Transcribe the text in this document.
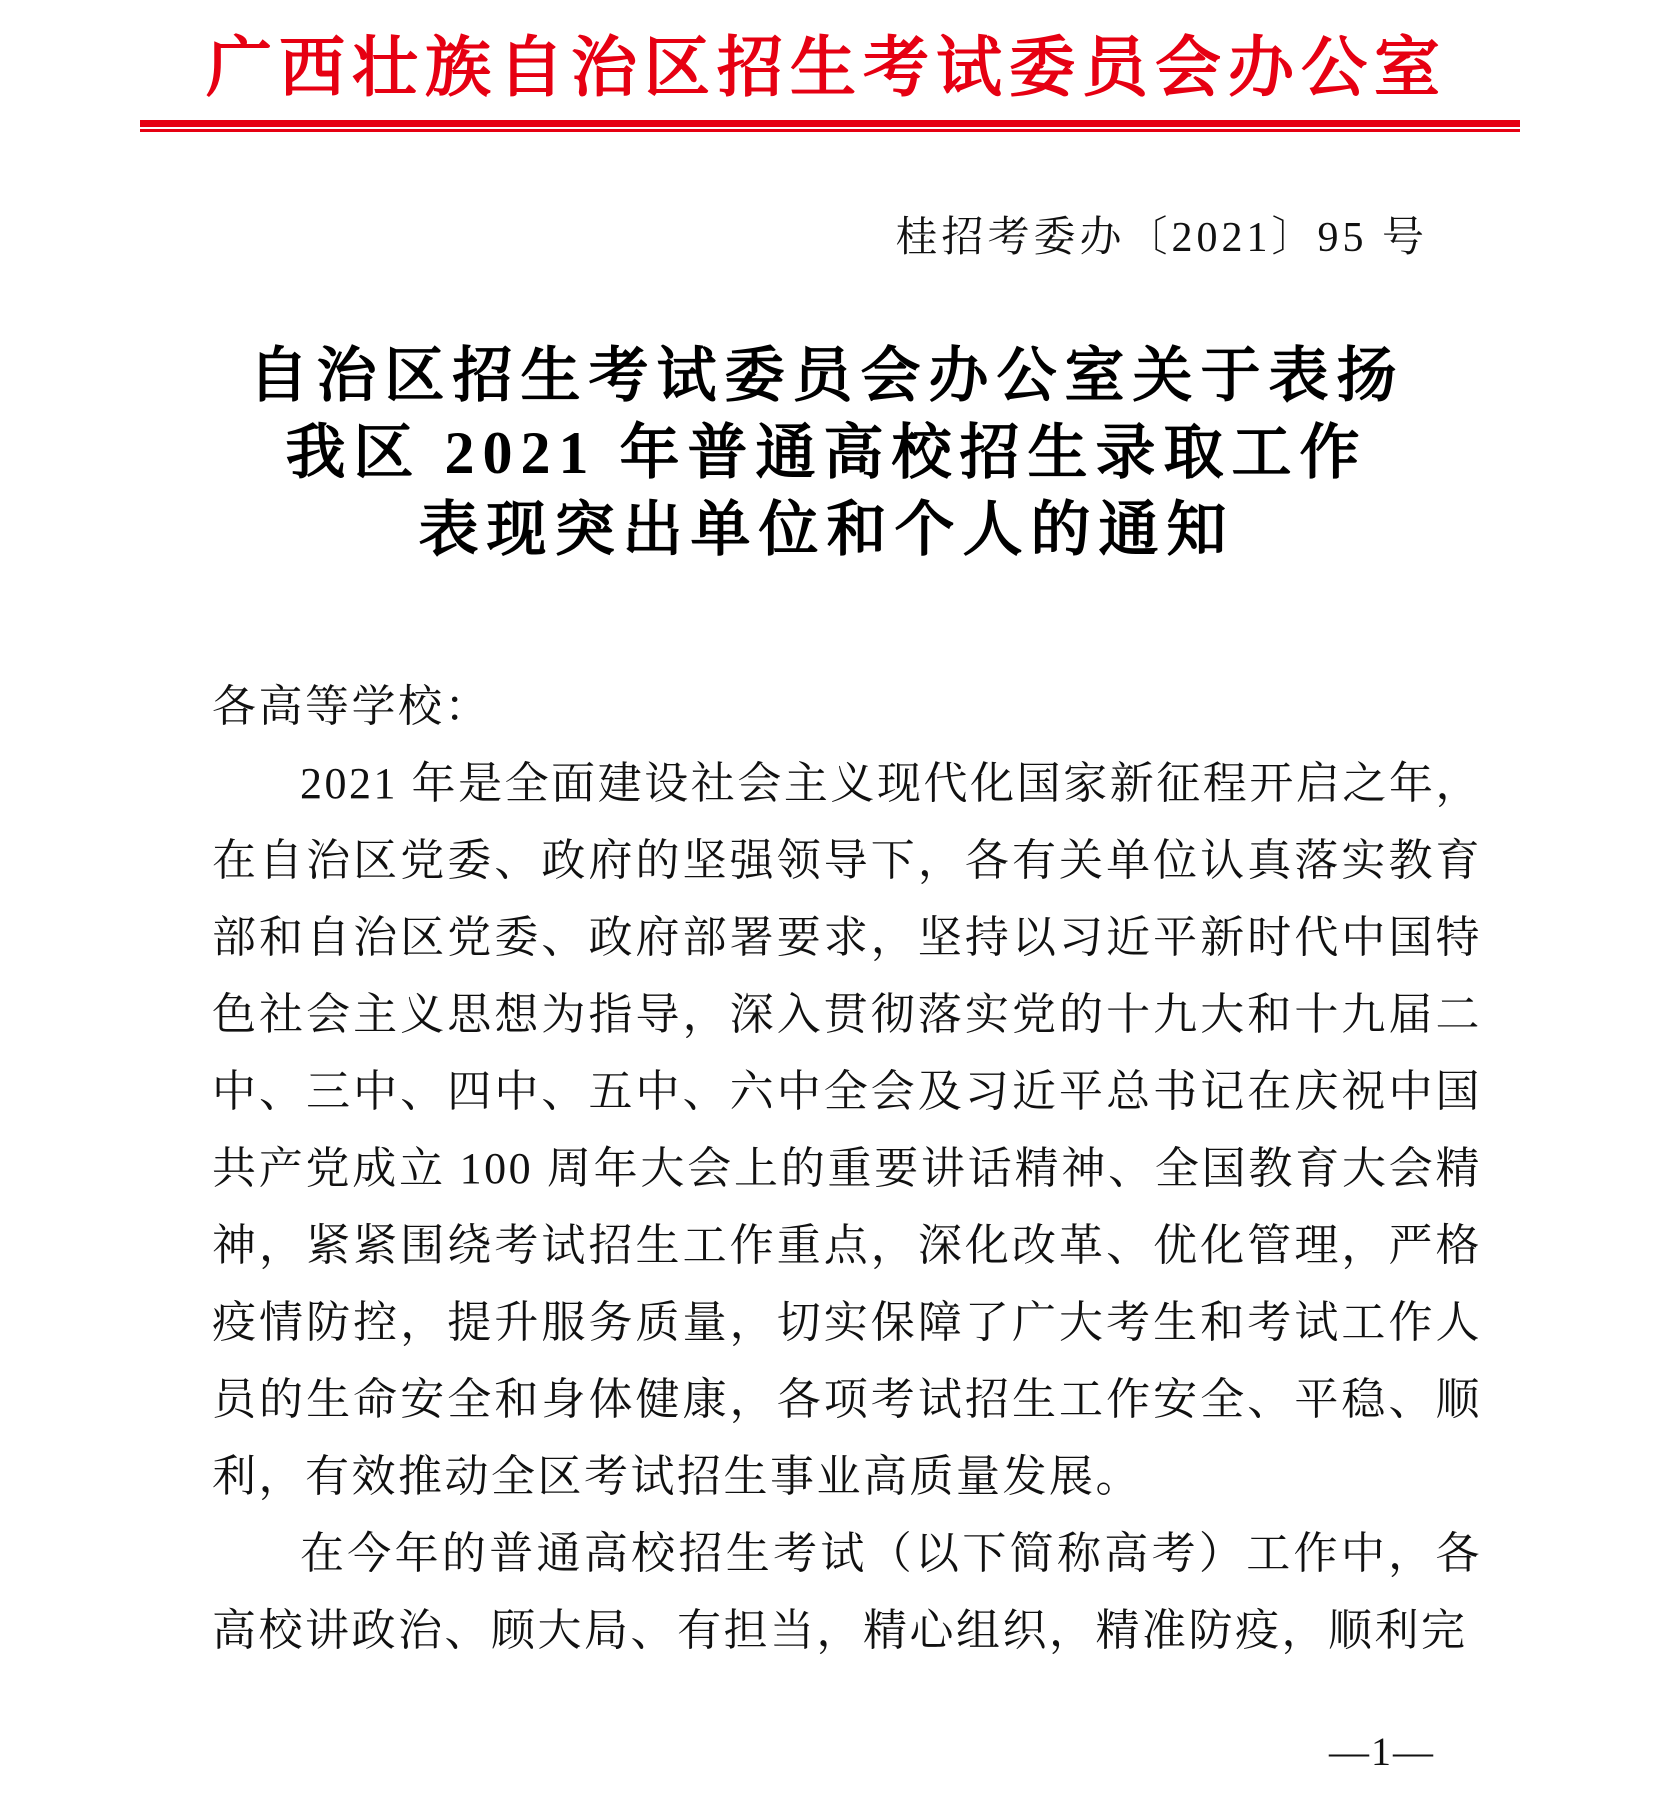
广西壮族自治区招生考试委员会办公室
桂招考委办〔2021〕95 号
自治区招生考试委员会办公室关于表扬
我区 2021 年普通高校招生录取工作
表现突出单位和个人的通知

各高等学校：

2021 年是全面建设社会主义现代化国家新征程开启之年，在自治区党委、政府的坚强领导下，各有关单位认真落实教育部和自治区党委、政府部署要求，坚持以习近平新时代中国特色社会主义思想为指导，深入贯彻落实党的十九大和十九届二中、三中、四中、五中、六中全会及习近平总书记在庆祝中国共产党成立 100 周年大会上的重要讲话精神、全国教育大会精神，紧紧围绕考试招生工作重点，深化改革、优化管理，严格疫情防控，提升服务质量，切实保障了广大考生和考试工作人员的生命安全和身体健康，各项考试招生工作安全、平稳、顺利，有效推动全区考试招生事业高质量发展。

在今年的普通高校招生考试（以下简称高考）工作中，各高校讲政治、顾大局、有担当，精心组织，精准防疫，顺利完

—1—
